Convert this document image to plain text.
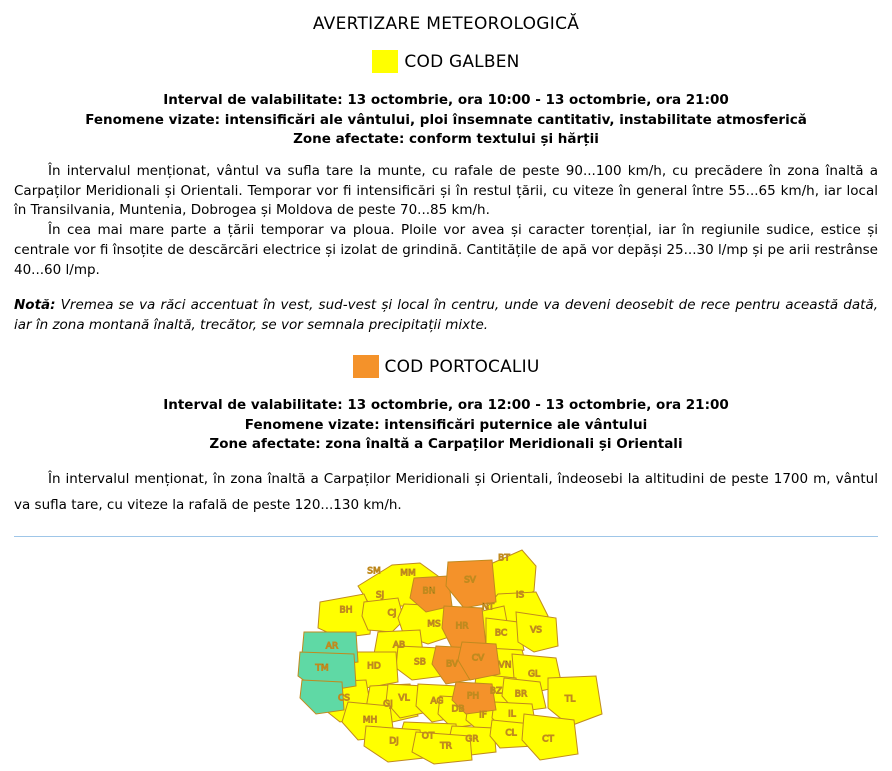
AVERTIZARE METEOROLOGICĂ
COD GALBEN
Interval de valabilitate: 13 octombrie, ora 10:00 - 13 octombrie, ora 21:00
Fenomene vizate: intensificări ale vântului, ploi însemnate cantitativ, instabilitate atmosferică
Zone afectate: conform textului și hărții

În intervalul menționat, vântul va sufla tare la munte, cu rafale de peste 90...100 km/h, cu precădere în zona înaltă a Carpaților Meridionali și Orientali. Temporar vor fi intensificări și în restul țării, cu viteze în general între 55...65 km/h, iar local în Transilvania, Muntenia, Dobrogea și Moldova de peste 70...85 km/h.

În cea mai mare parte a țării temporar va ploua. Ploile vor avea și caracter torențial, iar în regiunile sudice, estice și centrale vor fi însoțite de descărcări electrice și izolat de grindină. Cantitățile de apă vor depăși 25...30 l/mp și pe arii restrânse 40...60 l/mp.

Notă: Vremea se va răci accentuat în vest, sud-vest și local în centru, unde va deveni deosebit de rece pentru această dată, iar în zona montană înaltă, trecător, se vor semnala precipitații mixte.

COD PORTOCALIU
Interval de valabilitate: 13 octombrie, ora 12:00 - 13 octombrie, ora 21:00
Fenomene vizate: intensificări puternice ale vântului
Zone afectate: zona înaltă a Carpaților Meridionali și Orientali

În intervalul menționat, în zona înaltă a Carpaților Meridionali și Orientali, îndeosebi la altitudini de peste 1700 m, vântul va sufla tare, cu viteze la rafală de peste 120...130 km/h.

SM MM
SV
BT
BH
SJ	BN	IS
CJ
NT
MS HR
BC	VS
AR	AB
SB BV
CV
VN
GL
TM	HD
BZ
CS
GJ
VL AG	PH	BR	TL
DB
IF IL
MH
OT	GR
CL
CT
DJ	TR
